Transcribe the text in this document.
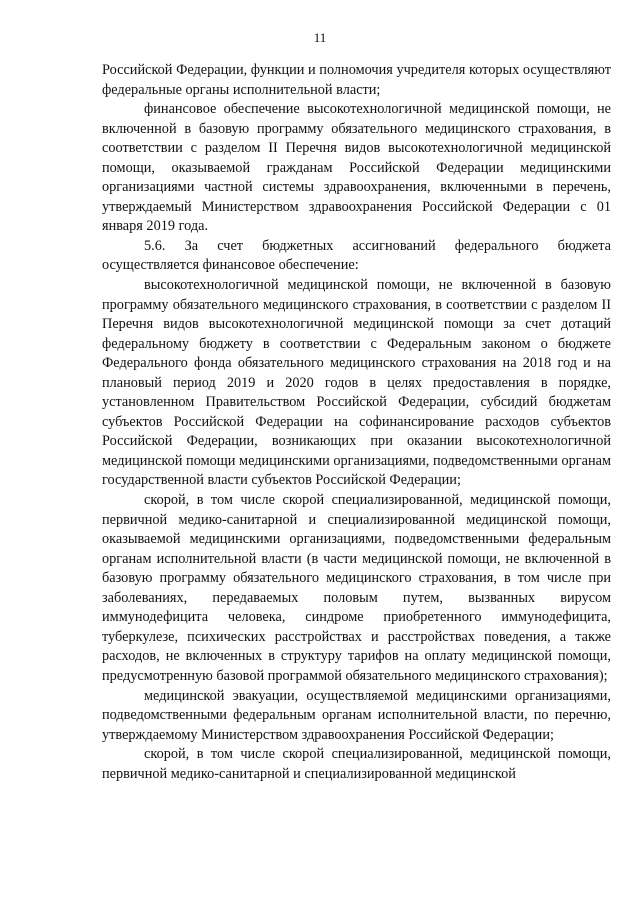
11

Российской Федерации, функции и полномочия учредителя которых осуществляют федеральные органы исполнительной власти;

финансовое обеспечение высокотехнологичной медицинской помощи, не включенной в базовую программу обязательного медицинского страхования, в соответствии с разделом II Перечня видов высокотехнологичной медицинской помощи, оказываемой гражданам Российской Федерации медицинскими организациями частной системы здравоохранения, включенными в перечень, утверждаемый Министерством здравоохранения Российской Федерации с 01 января 2019 года.

5.6. За счет бюджетных ассигнований федерального бюджета осуществляется финансовое обеспечение:

высокотехнологичной медицинской помощи, не включенной в базовую программу обязательного медицинского страхования, в соответствии с разделом II Перечня видов высокотехнологичной медицинской помощи за счет дотаций федеральному бюджету в соответствии с Федеральным законом о бюджете Федерального фонда обязательного медицинского страхования на 2018 год и на плановый период 2019 и 2020 годов в целях предоставления в порядке, установленном Правительством Российской Федерации, субсидий бюджетам субъектов Российской Федерации на софинансирование расходов субъектов Российской Федерации, возникающих при оказании высокотехнологичной медицинской помощи медицинскими организациями, подведомственными органам государственной власти субъектов Российской Федерации;

скорой, в том числе скорой специализированной, медицинской помощи, первичной медико-санитарной и специализированной медицинской помощи, оказываемой медицинскими организациями, подведомственными федеральным органам исполнительной власти (в части медицинской помощи, не включенной в базовую программу обязательного медицинского страхования, в том числе при заболеваниях, передаваемых половым путем, вызванных вирусом иммунодефицита человека, синдроме приобретенного иммунодефицита, туберкулезе, психических расстройствах и расстройствах поведения, а также расходов, не включенных в структуру тарифов на оплату медицинской помощи, предусмотренную базовой программой обязательного медицинского страхования);

медицинской эвакуации, осуществляемой медицинскими организациями, подведомственными федеральным органам исполнительной власти, по перечню, утверждаемому Министерством здравоохранения Российской Федерации;

скорой, в том числе скорой специализированной, медицинской помощи, первичной медико-санитарной и специализированной медицинской
